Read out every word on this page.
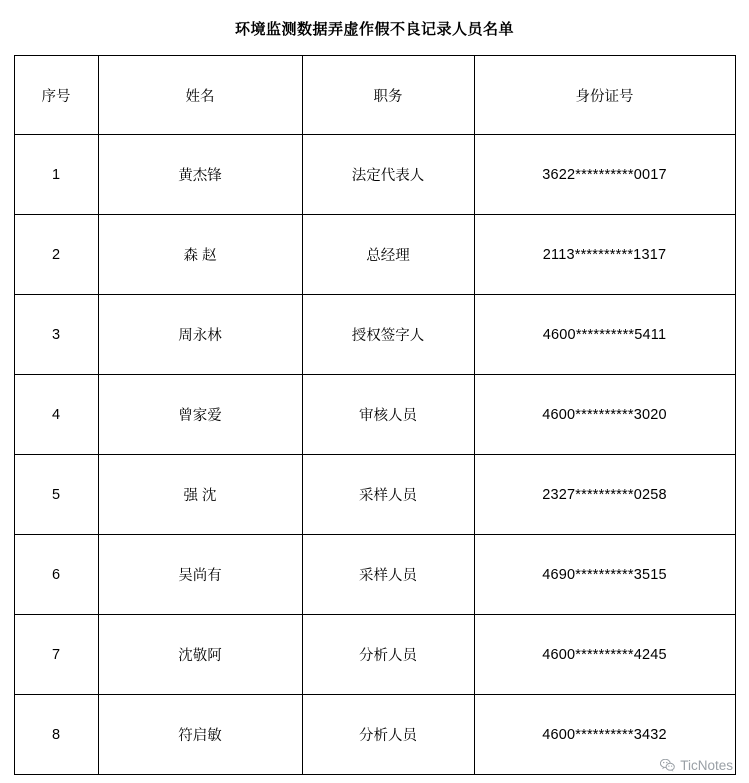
环境监测数据弄虚作假不良记录人员名单
序号	姓名	职务	身份证号
1	黄杰锋	法定代表人	3622**********0017
2	森 赵	总经理	2113**********1317
3	周永林	授权签字人	4600**********5411
4	曾家爱	审核人员	4600**********3020
5	强 沈	采样人员	2327**********0258
6	吴尚有	采样人员	4690**********3515
7	沈敬阿	分析人员	4600**********4245
8	符启敏	分析人员	4600**********3432
TicNotes
